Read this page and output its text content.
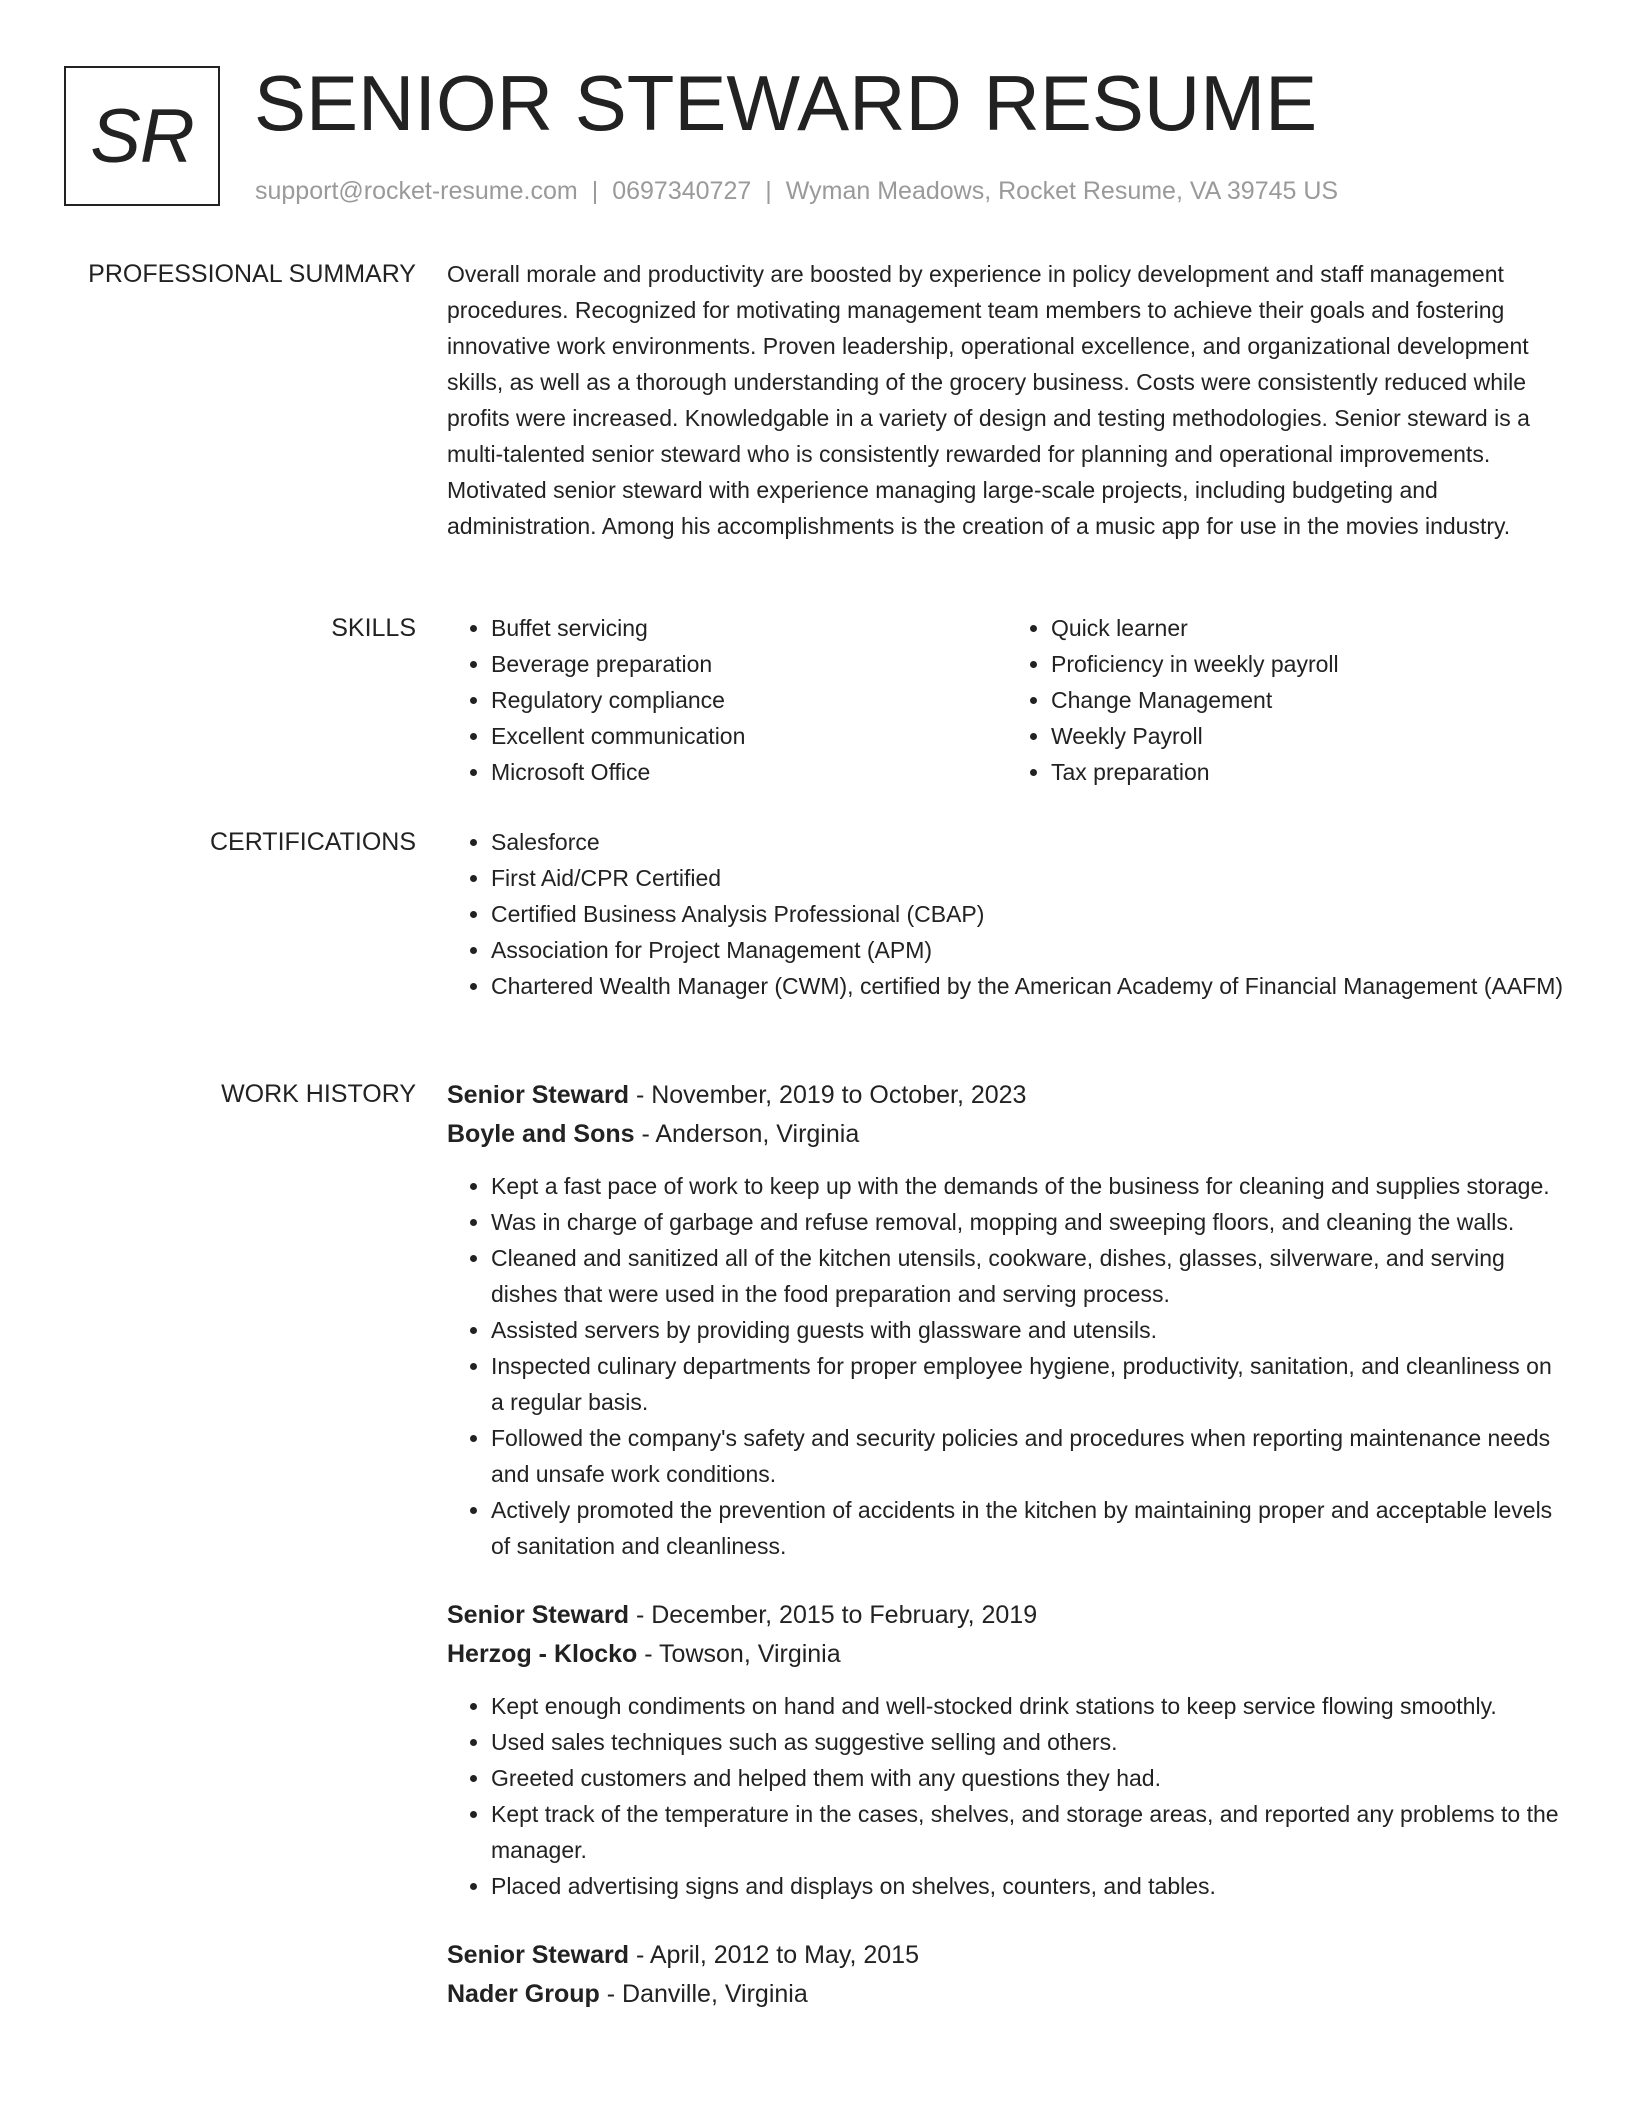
SR SENIOR STEWARD RESUME
support@rocket-resume.com | 0697340727 | Wyman Meadows, Rocket Resume, VA 39745 US
PROFESSIONAL SUMMARY Overall morale and productivity are boosted by experience in policy development and staff management procedures. Recognized for motivating management team members to achieve their goals and fostering innovative work environments. Proven leadership, operational excellence, and organizational development skills, as well as a thorough understanding of the grocery business. Costs were consistently reduced while profits were increased. Knowledgable in a variety of design and testing methodologies. Senior steward is a multi-talented senior steward who is consistently rewarded for planning and operational improvements. Motivated senior steward with experience managing large-scale projects, including budgeting and administration. Among his accomplishments is the creation of a music app for use in the movies industry.

SKILLS	• Buffet servicing
• Beverage preparation
• Regulatory compliance
• Excellent communication
• Microsoft Office
• Quick learner
• Proficiency in weekly payroll
• Change Management
• Weekly Payroll
• Tax preparation
CERTIFICATIONS	• Salesforce
• First Aid/CPR Certified
• Certified Business Analysis Professional (CBAP)
• Association for Project Management (APM)
• Chartered Wealth Manager (CWM), certified by the American Academy of Financial Management (AAFM)
WORK HISTORY Senior Steward - November, 2019 to October, 2023
Boyle and Sons - Anderson, Virginia
• Kept a fast pace of work to keep up with the demands of the business for cleaning and supplies storage.
• Was in charge of garbage and refuse removal, mopping and sweeping floors, and cleaning the walls.
• Cleaned and sanitized all of the kitchen utensils, cookware, dishes, glasses, silverware, and serving dishes that were used in the food preparation and serving process.
• Assisted servers by providing guests with glassware and utensils.
• Inspected culinary departments for proper employee hygiene, productivity, sanitation, and cleanliness on a regular basis.
• Followed the company's safety and security policies and procedures when reporting maintenance needs and unsafe work conditions.
• Actively promoted the prevention of accidents in the kitchen by maintaining proper and acceptable levels of sanitation and cleanliness.
Senior Steward - December, 2015 to February, 2019
Herzog - Klocko - Towson, Virginia
• Kept enough condiments on hand and well-stocked drink stations to keep service flowing smoothly.
• Used sales techniques such as suggestive selling and others.
• Greeted customers and helped them with any questions they had.
• Kept track of the temperature in the cases, shelves, and storage areas, and reported any problems to the manager.
• Placed advertising signs and displays on shelves, counters, and tables.
Senior Steward - April, 2012 to May, 2015
Nader Group - Danville, Virginia
